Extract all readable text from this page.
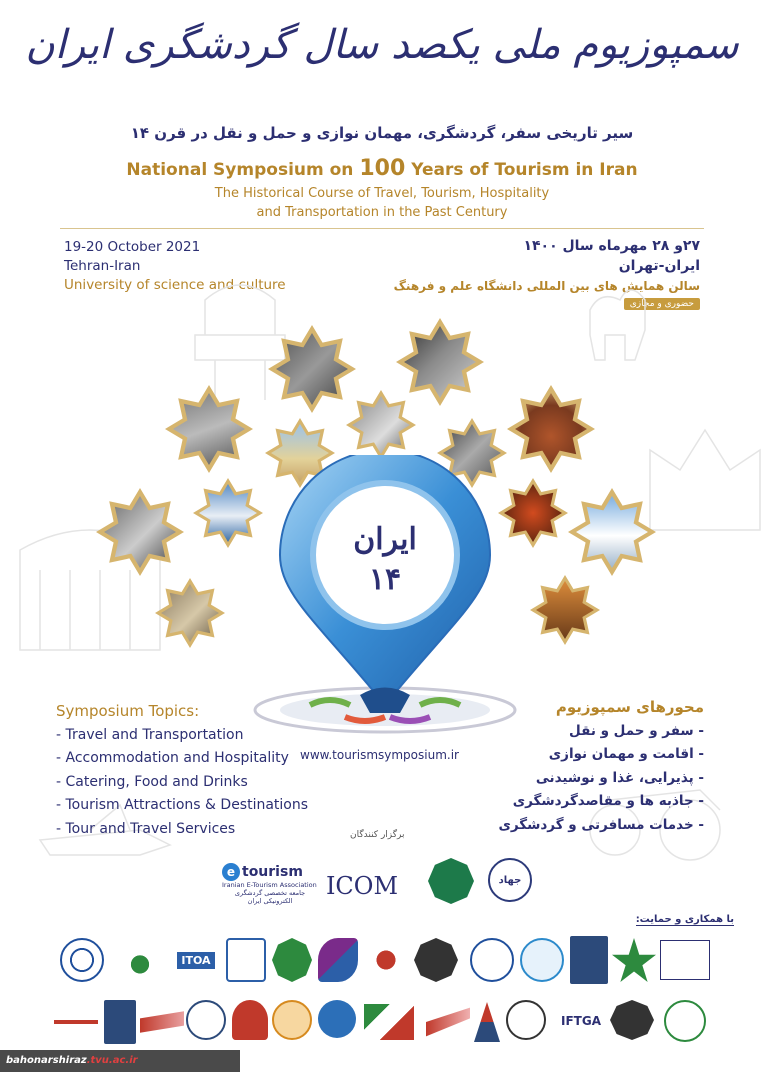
سمپوزیوم ملی یکصد سال گردشگری ایران
سیر تاریخی سفر، گردشگری، مهمان نوازی و حمل و نقل در قرن ۱۴
National Symposium on 100 Years of Tourism in Iran
The Historical Course of Travel, Tourism, Hospitality
and Transportation in the Past Century
19-20 October 2021
Tehran-Iran
University of science and culture
۲۷و ۲۸ مهرماه سال ۱۴۰۰
ایران-تهران
سالن همایش های بین المللی دانشگاه علم و فرهنگ
حضوری و مجازی
ایران
۱۴
www.tourismsymposium.ir
Symposium Topics:
- Travel and Transportation
- Accommodation and Hospitality
- Catering, Food and Drinks
- Tourism Attractions & Destinations
- Tour and Travel Services
محورهای سمپوزیوم
- سفر و حمل و نقل
- اقامت و مهمان نوازی
- پذیرایی، غذا و نوشیدنی
- جاذبه ها و مقاصدگردشگری
- خدمات مسافرتی و گردشگری
برگزار کنندگان
e tourism
Iranian E-Tourism Association
جامعه تخصصی گردشگری الکترونیکی ایران
ICOM	جهاد
با همکاری و حمایت:
ITOA
IFTGA
bahonarshiraz.tvu.ac.ir
